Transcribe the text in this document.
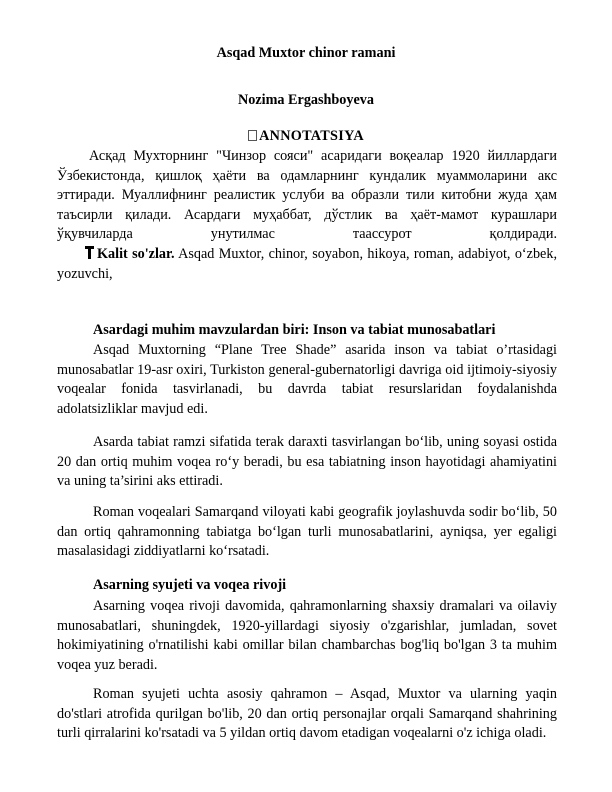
Asqad Muxtor chinor ramani
Nozima Ergashboyeva
ANNOTATSIYA

Асқад Мухторнинг "Чинзор сояси" асаридаги воқеалар 1920 йиллардаги Ўзбекистонда, қишлоқ ҳаёти ва одамларнинг кундалик муаммоларини акс эттиради. Муаллифнинг реалистик услуби ва образли тили китобни жуда ҳам таъсирли қилади. Асардаги муҳаббат, дўстлик ва ҳаёт-мамот курашлари ўқувчиларда унутилмас таассурот қолдиради.

Kalit so'zlar. Asqad Muxtor, chinor, soyabon, hikoya, roman, adabiyot, o‘zbek, yozuvchi,

Asardagi muhim mavzulardan biri: Inson va tabiat munosabatlari

Asqad Muxtorning “Plane Tree Shade” asarida inson va tabiat o’rtasidagi munosabatlar 19-asr oxiri, Turkiston general-gubernatorligi davriga oid ijtimoiy-siyosiy voqealar fonida tasvirlanadi, bu davrda tabiat resurslaridan foydalanishda adolatsizliklar mavjud edi.

Asarda tabiat ramzi sifatida terak daraxti tasvirlangan bo‘lib, uning soyasi ostida 20 dan ortiq muhim voqea ro‘y beradi, bu esa tabiatning inson hayotidagi ahamiyatini va uning ta’sirini aks ettiradi.

Roman voqealari Samarqand viloyati kabi geografik joylashuvda sodir bo‘lib, 50 dan ortiq qahramonning tabiatga bo‘lgan turli munosabatlarini, ayniqsa, yer egaligi masalasidagi ziddiyatlarni ko‘rsatadi.

Asarning syujeti va voqea rivoji

Asarning voqea rivoji davomida, qahramonlarning shaxsiy dramalari va oilaviy munosabatlari, shuningdek, 1920-yillardagi siyosiy o'zgarishlar, jumladan, sovet hokimiyatining o'rnatilishi kabi omillar bilan chambarchas bog'liq bo'lgan 3 ta muhim voqea yuz beradi.

Roman syujeti uchta asosiy qahramon – Asqad, Muxtor va ularning yaqin do'stlari atrofida qurilgan bo'lib, 20 dan ortiq personajlar orqali Samarqand shahrining turli qirralarini ko'rsatadi va 5 yildan ortiq davom etadigan voqealarni o'z ichiga oladi.
